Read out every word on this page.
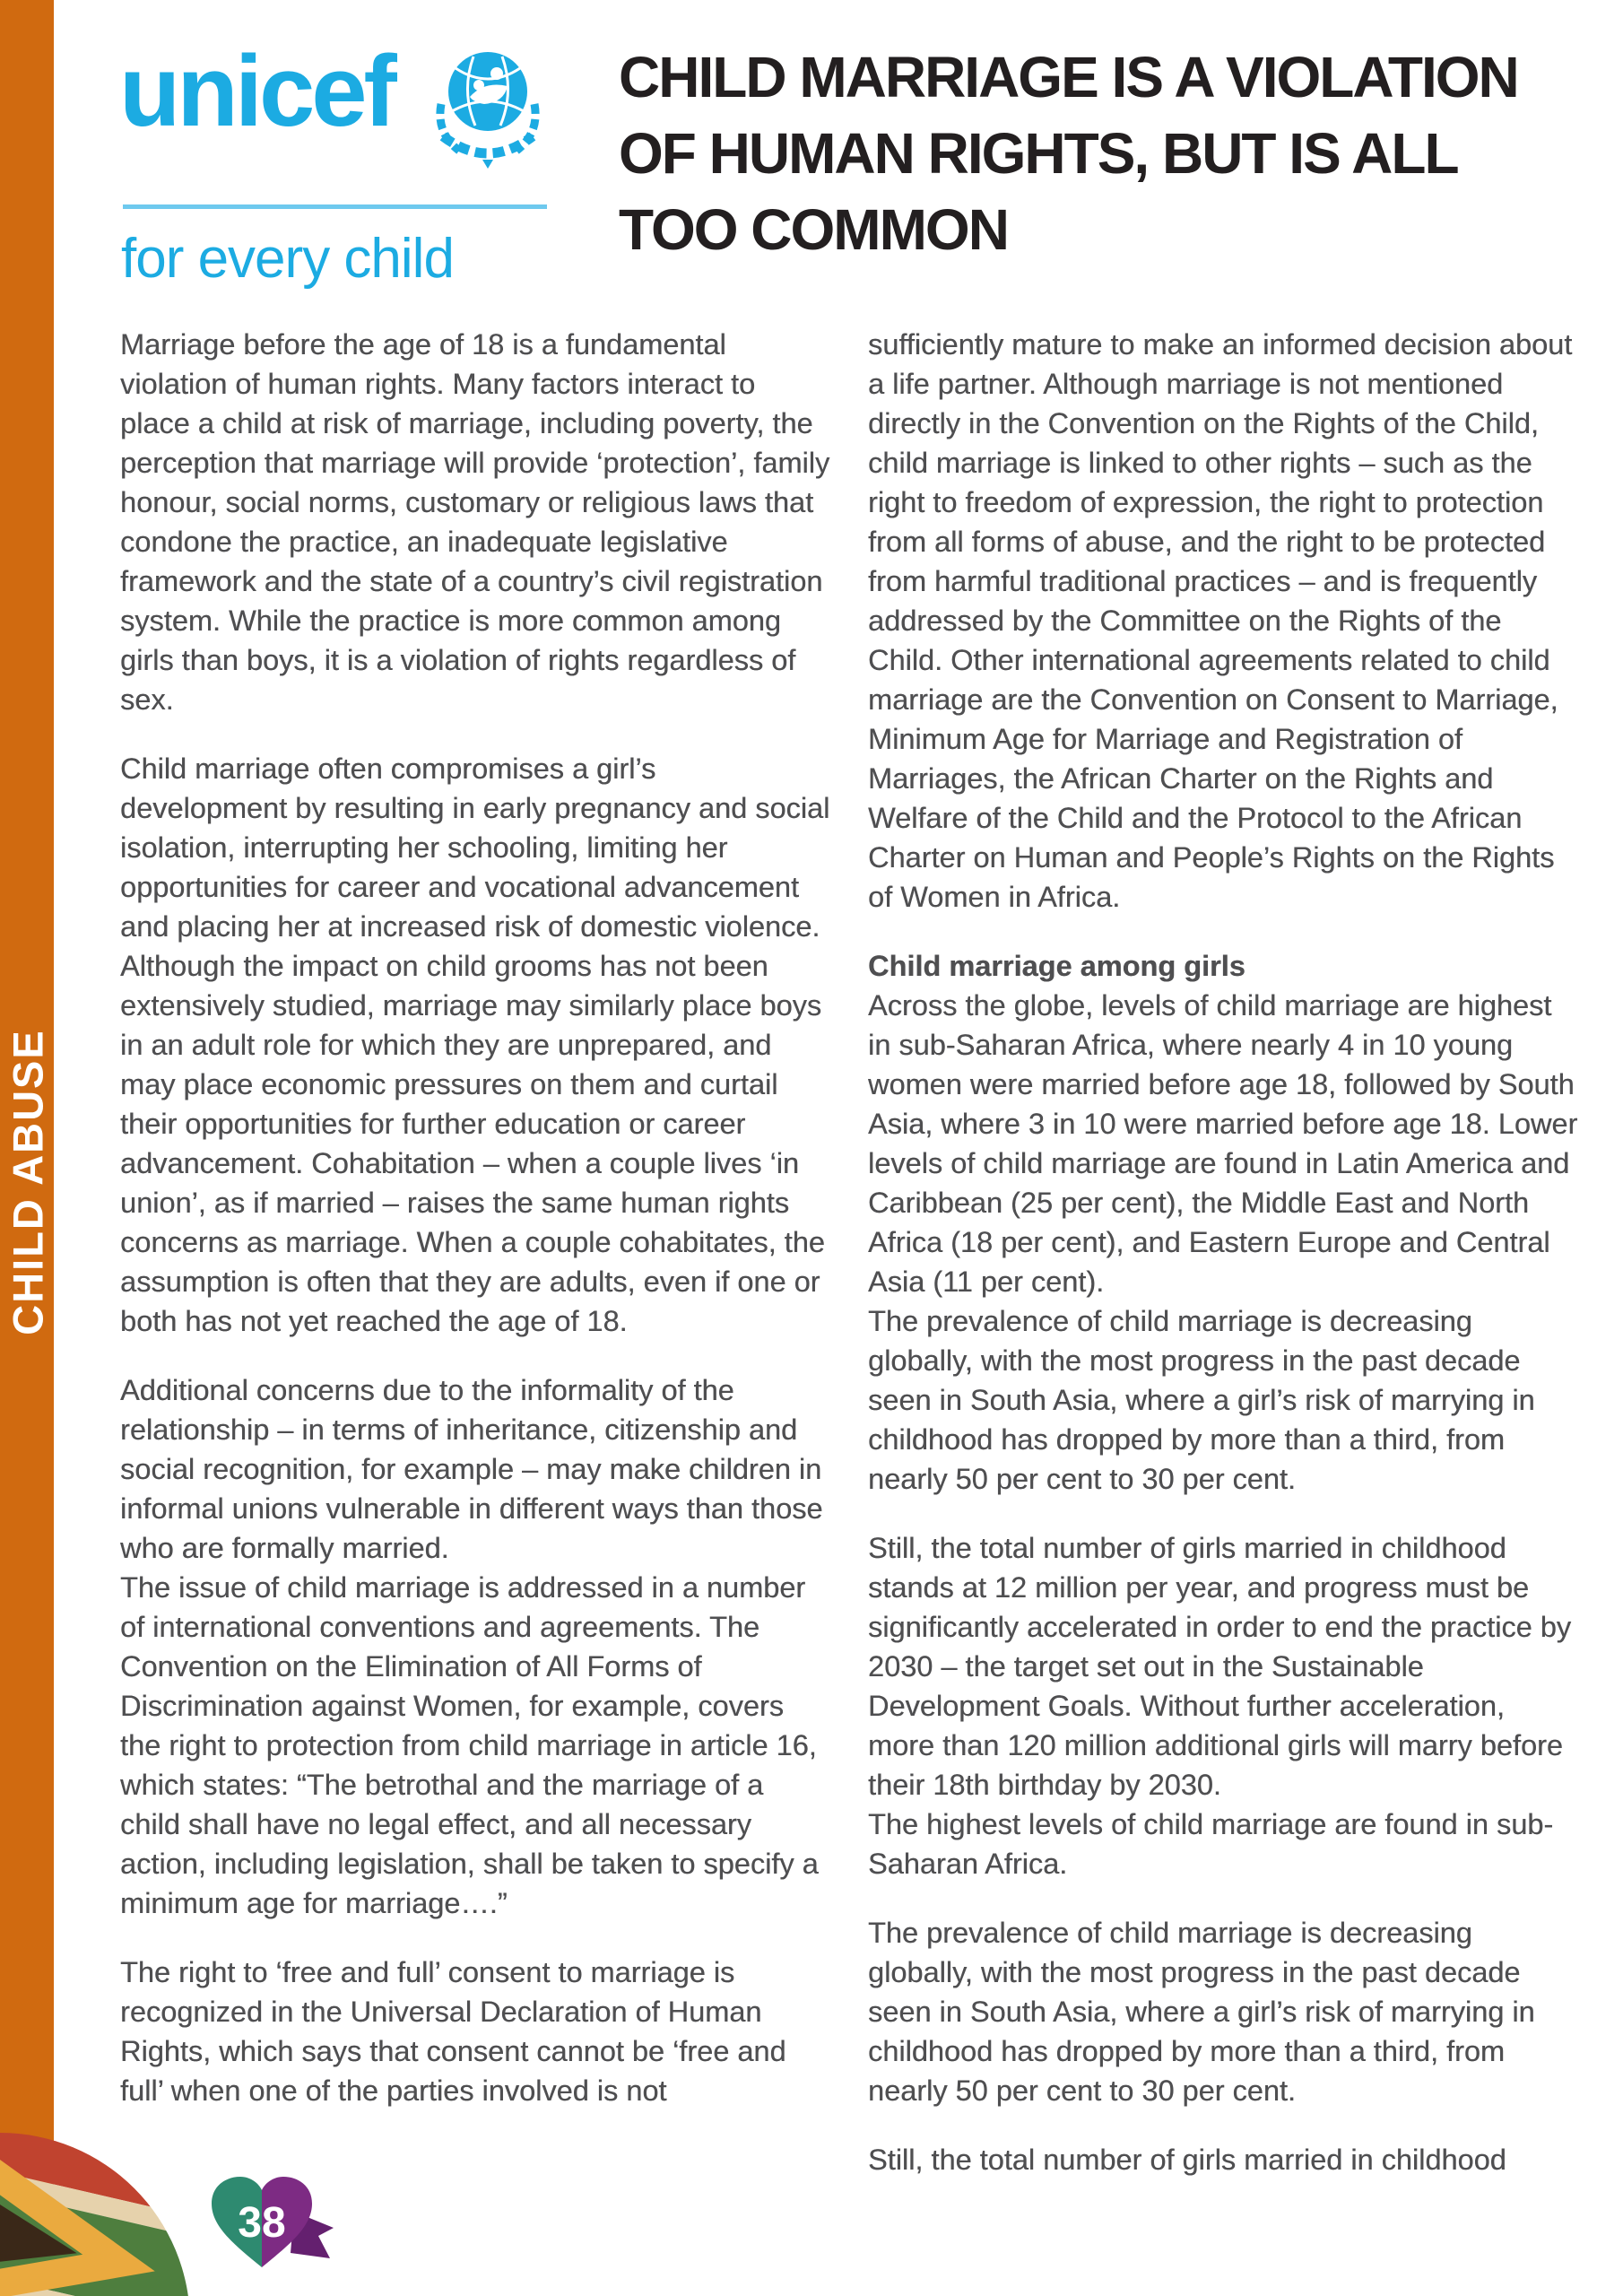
CHILD ABUSE
unicef
for every child
CHILD MARRIAGE IS A VIOLATION
OF HUMAN RIGHTS, BUT IS ALL
TOO COMMON

Marriage before the age of 18 is a fundamental violation of human rights. Many factors interact to place a child at risk of marriage, including poverty, the perception that marriage will provide ‘protection’, family honour, social norms, customary or religious laws that condone the practice, an inadequate legislative framework and the state of a country’s civil registration system. While the practice is more common among girls than boys, it is a violation of rights regardless of sex.

Child marriage often compromises a girl’s development by resulting in early pregnancy and social isolation, interrupting her schooling, limiting her opportunities for career and vocational advancement and placing her at increased risk of domestic violence. Although the impact on child grooms has not been extensively studied, marriage may similarly place boys in an adult role for which they are unprepared, and may place economic pressures on them and curtail their opportunities for further education or career advancement. Cohabitation – when a couple lives ‘in union’, as if married – raises the same human rights concerns as marriage. When a couple cohabitates, the assumption is often that they are adults, even if one or both has not yet reached the age of 18.

Additional concerns due to the informality of the relationship – in terms of inheritance, citizenship and social recognition, for example – may make children in informal unions vulnerable in different ways than those who are formally married.
The issue of child marriage is addressed in a number of international conventions and agreements. The Convention on the Elimination of All Forms of Discrimination against Women, for example, covers the right to protection from child marriage in article 16, which states: “The betrothal and the marriage of a child shall have no legal effect, and all necessary action, including legislation, shall be taken to specify a minimum age for marriage….”

The right to ‘free and full’ consent to marriage is recognized in the Universal Declaration of Human Rights, which says that consent cannot be ‘free and full’ when one of the parties involved is not

sufficiently mature to make an informed decision about a life partner. Although marriage is not mentioned directly in the Convention on the Rights of the Child, child marriage is linked to other rights – such as the right to freedom of expression, the right to protection from all forms of abuse, and the right to be protected from harmful traditional practices – and is frequently addressed by the Committee on the Rights of the Child. Other international agreements related to child marriage are the Convention on Consent to Marriage, Minimum Age for Marriage and Registration of Marriages, the African Charter on the Rights and Welfare of the Child and the Protocol to the African Charter on Human and People’s Rights on the Rights of Women in Africa.

Child marriage among girls
Across the globe, levels of child marriage are highest in sub-Saharan Africa, where nearly 4 in 10 young women were married before age 18, followed by South Asia, where 3 in 10 were married before age 18. Lower levels of child marriage are found in Latin America and Caribbean (25 per cent), the Middle East and North Africa (18 per cent), and Eastern Europe and Central Asia (11 per cent).
The prevalence of child marriage is decreasing globally, with the most progress in the past decade seen in South Asia, where a girl’s risk of marrying in childhood has dropped by more than a third, from nearly 50 per cent to 30 per cent.

Still, the total number of girls married in childhood stands at 12 million per year, and progress must be significantly accelerated in order to end the practice by 2030 – the target set out in the Sustainable Development Goals. Without further acceleration, more than 120 million additional girls will marry before their 18th birthday by 2030.
The highest levels of child marriage are found in sub-Saharan Africa.

The prevalence of child marriage is decreasing globally, with the most progress in the past decade seen in South Asia, where a girl’s risk of marrying in childhood has dropped by more than a third, from nearly 50 per cent to 30 per cent.

Still, the total number of girls married in childhood

38
